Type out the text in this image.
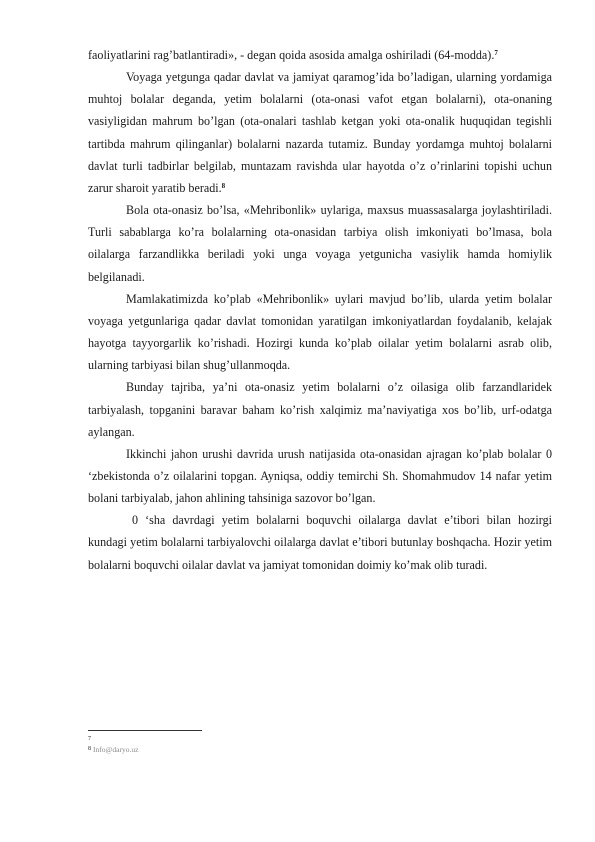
faoliyatlarini rag’batlantiradi», - degan qoida asosida amalga oshiriladi (64-modda).$^7$

Voyaga yetgunga qadar davlat va jamiyat qaramog’ida bo’ladigan, ularning yordamiga muhtoj bolalar deganda, yetim bolalarni (ota-onasi vafot etgan bolalarni), ota-onaning vasiyligidan mahrum bo’lgan (ota-onalari tashlab ketgan yoki ota-onalik huquqidan tegishli tartibda mahrum qilinganlar) bolalarni nazarda tutamiz. Bunday yordamga muhtoj bolalarni davlat turli tadbirlar belgilab, muntazam ravishda ular hayotda o’z o’rinlarini topishi uchun zarur sharoit yaratib beradi.$^8$

Bola ota-onasiz bo’lsa, «Mehribonlik» uylariga, maxsus muassasalarga joylashtiriladi. Turli sabablarga ko’ra bolalarning ota-onasidan tarbiya olish imkoniyati bo’lmasa, bola oilalarga farzandlikka beriladi yoki unga voyaga yetgunicha vasiylik hamda homiylik belgilanadi.

Mamlakatimizda ko’plab «Mehribonlik» uylari mavjud bo’lib, ularda yetim bolalar voyaga yetgunlariga qadar davlat tomonidan yaratilgan imkoniyatlardan foydalanib, kelajak hayotga tayyorgarlik ko’rishadi. Hozirgi kunda ko’plab oilalar yetim bolalarni asrab olib, ularning tarbiyasi bilan shug’ullanmoqda.

Bunday tajriba, ya’ni ota-onasiz yetim bolalarni o’z oilasiga olib farzandlaridek tarbiyalash, topganini baravar baham ko’rish xalqimiz ma’naviyatiga xos bo’lib, urf-odatga aylangan.

Ikkinchi jahon urushi davrida urush natijasida ota-onasidan ajragan ko’plab bolalar 0 ‘zbekistonda o’z oilalarini topgan. Ayniqsa, oddiy temirchi Sh. Shomahmudov 14 nafar yetim bolani tarbiyalab, jahon ahlining tahsiniga sazovor bo’lgan.

0 ‘sha davrdagi yetim bolalarni boquvchi oilalarga davlat e’tibori bilan hozirgi kundagi yetim bolalarni tarbiyalovchi oilalarga davlat e’tibori butunlay boshqacha. Hozir yetim bolalarni boquvchi oilalar davlat va jamiyat tomonidan doimiy ko’mak olib turadi.

$^7$
$^8$ Info@daryo.uz
